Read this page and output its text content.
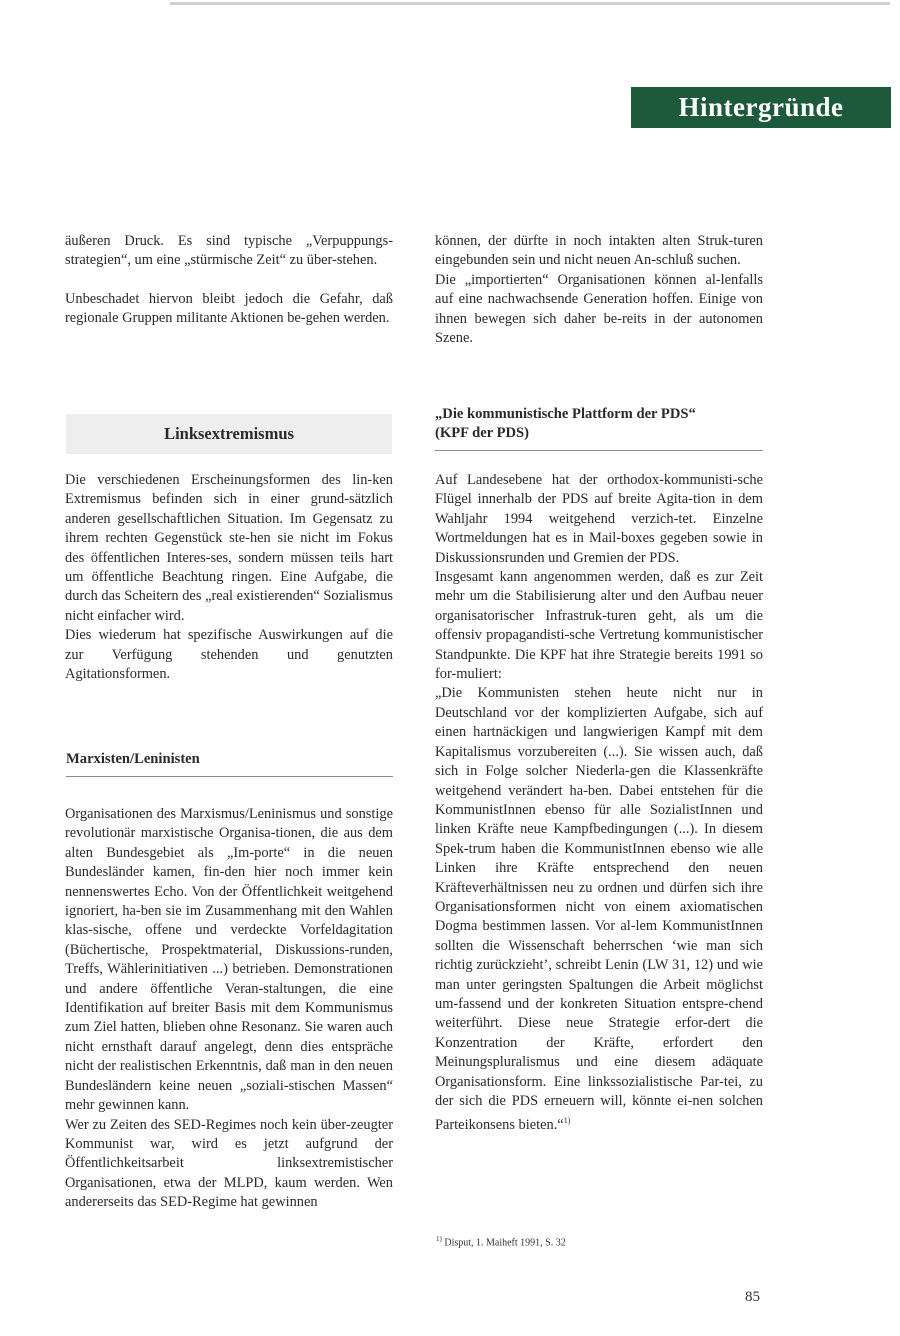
Hintergründe

äußeren Druck. Es sind typische „Verpuppungs-strategien“, um eine „stürmische Zeit“ zu über-stehen.

Unbeschadet hiervon bleibt jedoch die Gefahr, daß regionale Gruppen militante Aktionen be-gehen werden.

können, der dürfte in noch intakten alten Struk-turen eingebunden sein und nicht neuen An-schluß suchen.

Die „importierten“ Organisationen können al-lenfalls auf eine nachwachsende Generation hoffen. Einige von ihnen bewegen sich daher be-reits in der autonomen Szene.

Linksextremismus

Die verschiedenen Erscheinungsformen des lin-ken Extremismus befinden sich in einer grund-sätzlich anderen gesellschaftlichen Situation. Im Gegensatz zu ihrem rechten Gegenstück ste-hen sie nicht im Fokus des öffentlichen Interes-ses, sondern müssen teils hart um öffentliche Beachtung ringen. Eine Aufgabe, die durch das Scheitern des „real existierenden“ Sozialismus nicht einfacher wird.

Dies wiederum hat spezifische Auswirkungen auf die zur Verfügung stehenden und genutzten Agitationsformen.

Marxisten/Leninisten

Organisationen des Marxismus/Leninismus und sonstige revolutionär marxistische Organisa-tionen, die aus dem alten Bundesgebiet als „Im-porte“ in die neuen Bundesländer kamen, fin-den hier noch immer kein nennenswertes Echo. Von der Öffentlichkeit weitgehend ignoriert, ha-ben sie im Zusammenhang mit den Wahlen klas-sische, offene und verdeckte Vorfeldagitation (Büchertische, Prospektmaterial, Diskussions-runden, Treffs, Wählerinitiativen ...) betrieben. Demonstrationen und andere öffentliche Veran-staltungen, die eine Identifikation auf breiter Basis mit dem Kommunismus zum Ziel hatten, blieben ohne Resonanz. Sie waren auch nicht ernsthaft darauf angelegt, denn dies entspräche nicht der realistischen Erkenntnis, daß man in den neuen Bundesländern keine neuen „soziali-stischen Massen“ mehr gewinnen kann.

Wer zu Zeiten des SED-Regimes noch kein über-zeugter Kommunist war, wird es jetzt aufgrund der Öffentlichkeitsarbeit linksextremistischer Organisationen, etwa der MLPD, kaum werden. Wen andererseits das SED-Regime hat gewinnen

„Die kommunistische Plattform der PDS“
(KPF der PDS)

Auf Landesebene hat der orthodox-kommunisti-sche Flügel innerhalb der PDS auf breite Agita-tion in dem Wahljahr 1994 weitgehend verzich-tet. Einzelne Wortmeldungen hat es in Mail-boxes gegeben sowie in Diskussionsrunden und Gremien der PDS.

Insgesamt kann angenommen werden, daß es zur Zeit mehr um die Stabilisierung alter und den Aufbau neuer organisatorischer Infrastruk-turen geht, als um die offensiv propagandisti-sche Vertretung kommunistischer Standpunkte. Die KPF hat ihre Strategie bereits 1991 so for-muliert:

„Die Kommunisten stehen heute nicht nur in Deutschland vor der komplizierten Aufgabe, sich auf einen hartnäckigen und langwierigen Kampf mit dem Kapitalismus vorzubereiten (...). Sie wissen auch, daß sich in Folge solcher Niederla-gen die Klassenkräfte weitgehend verändert ha-ben. Dabei entstehen für die KommunistInnen ebenso für alle SozialistInnen und linken Kräfte neue Kampfbedingungen (...). In diesem Spek-trum haben die KommunistInnen ebenso wie alle Linken ihre Kräfte entsprechend den neuen Kräfteverhältnissen neu zu ordnen und dürfen sich ihre Organisationsformen nicht von einem axiomatischen Dogma bestimmen lassen. Vor al-lem KommunistInnen sollten die Wissenschaft beherrschen ‘wie man sich richtig zurückzieht’, schreibt Lenin (LW 31, 12) und wie man unter geringsten Spaltungen die Arbeit möglichst um-fassend und der konkreten Situation entspre-chend weiterführt. Diese neue Strategie erfor-dert die Konzentration der Kräfte, erfordert den Meinungspluralismus und eine diesem adäquate Organisationsform. Eine linkssozialistische Par-tei, zu der sich die PDS erneuern will, könnte ei-nen solchen Parteikonsens bieten.“$^{1)}$

$^{1)}$ Disput, 1. Maiheft 1991, S. 32
85
